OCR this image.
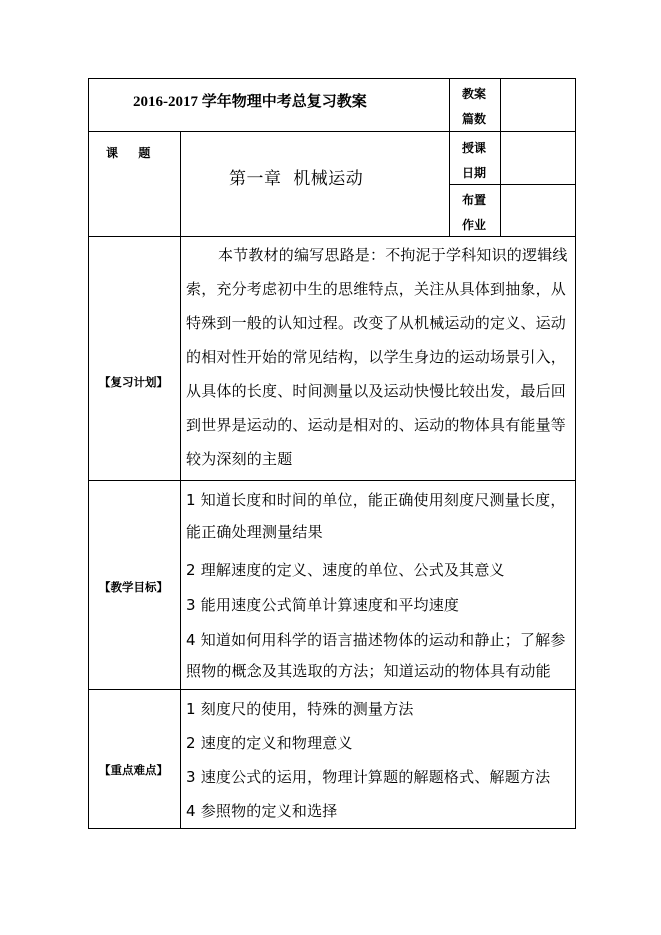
2016-2017 学年物理中考总复习教案	教案
篇数
课  题
第一章  机械运动
授课
日期
布置
作业
【复习计划】
本节教材的编写思路是：不拘泥于学科知识的逻辑线
索，充分考虑初中生的思维特点，关注从具体到抽象，从
特殊到一般的认知过程。改变了从机械运动的定义、运动
的相对性开始的常见结构，以学生身边的运动场景引入，
从具体的长度、时间测量以及运动快慢比较出发，最后回
到世界是运动的、运动是相对的、运动的物体具有能量等
较为深刻的主题
【教学目标】
1 知道长度和时间的单位，能正确使用刻度尺测量长度，
能正确处理测量结果
2 理解速度的定义、速度的单位、公式及其意义
3 能用速度公式简单计算速度和平均速度
4 知道如何用科学的语言描述物体的运动和静止；了解参
照物的概念及其选取的方法；知道运动的物体具有动能
【重点难点】
1 刻度尺的使用，特殊的测量方法
2 速度的定义和物理意义
3 速度公式的运用，物理计算题的解题格式、解题方法
4 参照物的定义和选择
